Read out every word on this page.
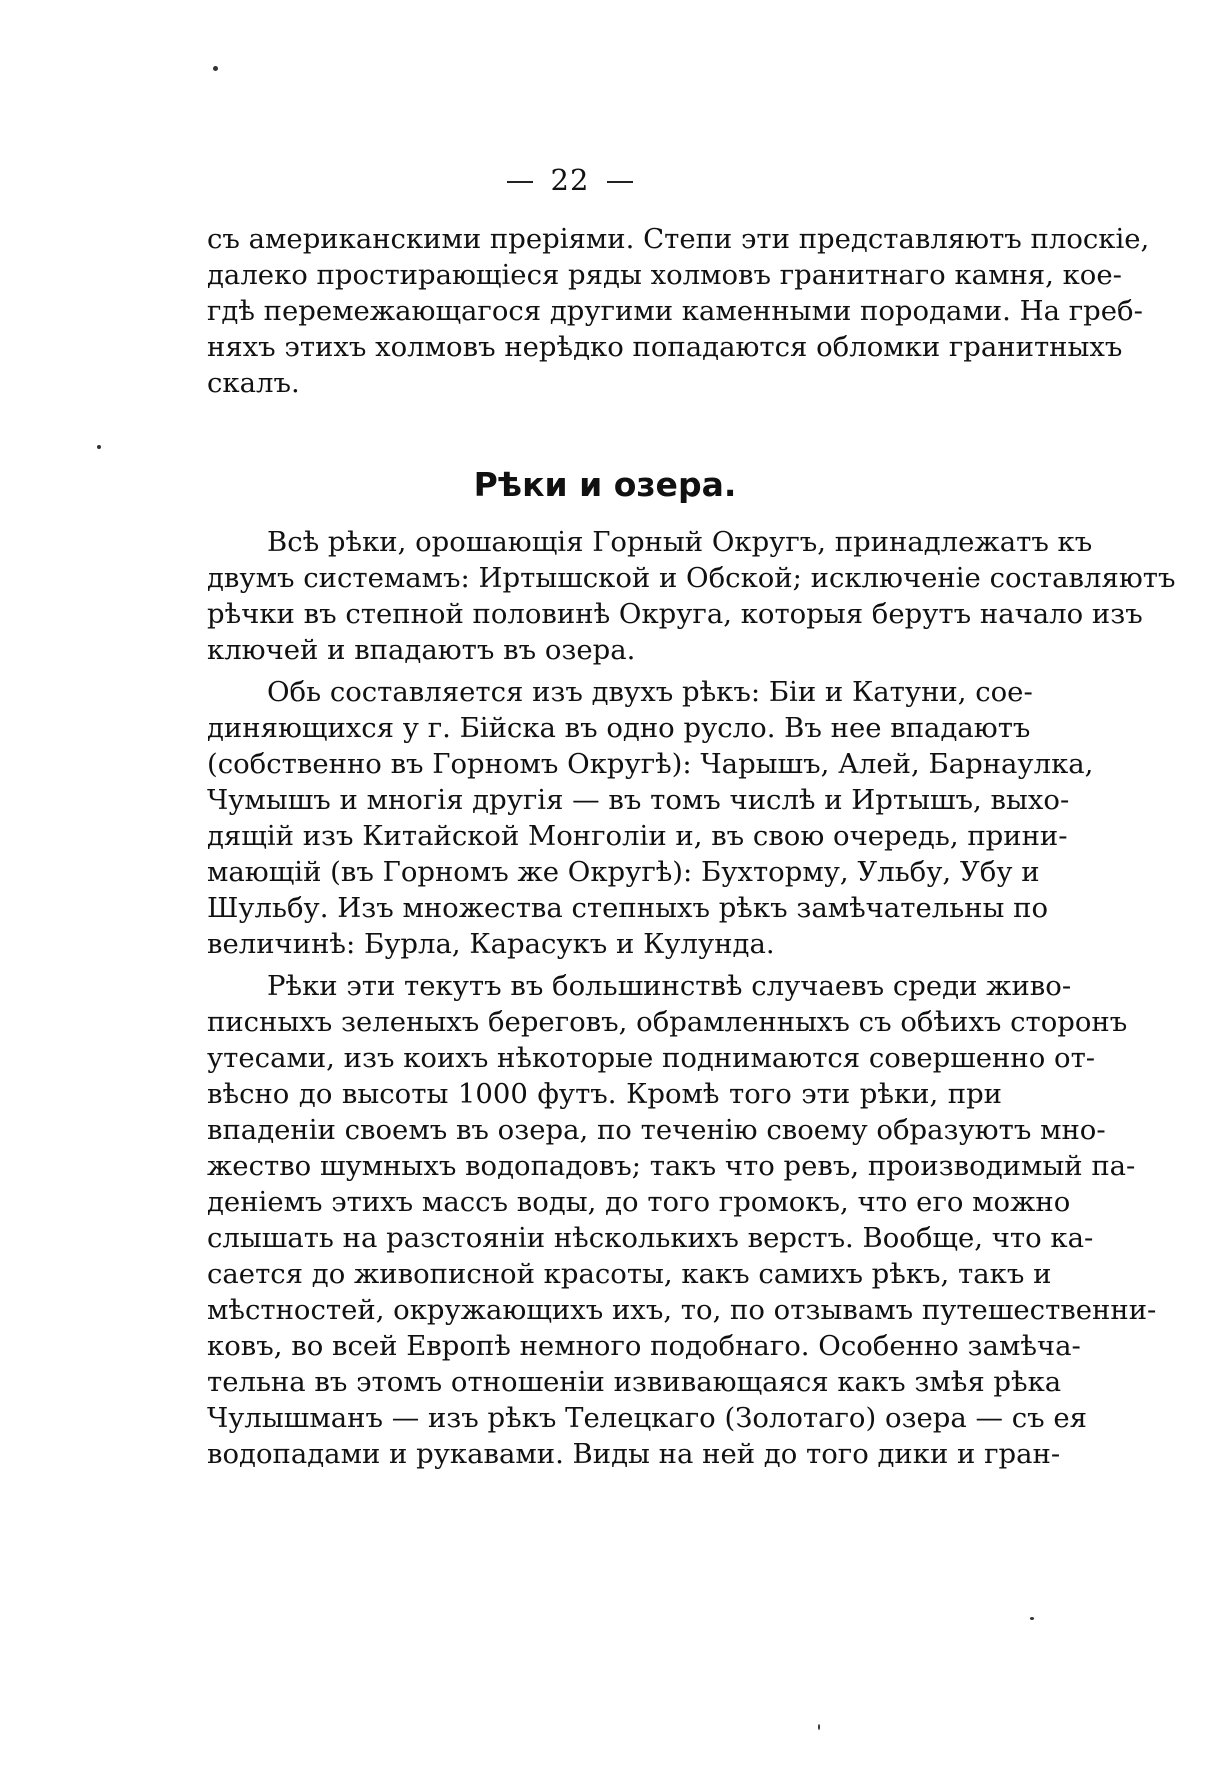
22
съ американскими преріями. Степи эти представляютъ плоскіе,
далеко простирающіеся ряды холмовъ гранитнаго камня, кое-
гдѣ перемежающагося другими каменными породами. На греб-
няхъ этихъ холмовъ нерѣдко попадаются обломки гранитныхъ
скалъ.
Рѣки и озера.
Всѣ рѣки, орошающія Горный Округъ, принадлежатъ къ
двумъ системамъ: Иртышской и Обской; исключеніе составляютъ
рѣчки въ степной половинѣ Округа, которыя берутъ начало изъ
ключей и впадаютъ въ озера.
Обь составляется изъ двухъ рѣкъ: Біи и Катуни, сое-
диняющихся у г. Бійска въ одно русло. Въ нее впадаютъ
(собственно въ Горномъ Округѣ): Чарышъ, Алей, Барнаулка,
Чумышъ и многія другія — въ томъ числѣ и Иртышъ, выхо-
дящій изъ Китайской Монголіи и, въ свою очередь, прини-
мающій (въ Горномъ же Округѣ): Бухторму, Ульбу, Убу и
Шульбу. Изъ множества степныхъ рѣкъ замѣчательны по
величинѣ: Бурла, Карасукъ и Кулунда.
Рѣки эти текутъ въ большинствѣ случаевъ среди живо-
писныхъ зеленыхъ береговъ, обрамленныхъ съ обѣихъ сторонъ
утесами, изъ коихъ нѣкоторые поднимаются совершенно от-
вѣсно до высоты 1000 футъ. Кромѣ того эти рѣки, при
впаденіи своемъ въ озера, по теченію своему образуютъ мно-
жество шумныхъ водопадовъ; такъ что ревъ, производимый па-
деніемъ этихъ массъ воды, до того громокъ, что его можно
слышать на разстояніи нѣсколькихъ верстъ. Вообще, что ка-
сается до живописной красоты, какъ самихъ рѣкъ, такъ и
мѣстностей, окружающихъ ихъ, то, по отзывамъ путешественни-
ковъ, во всей Европѣ немного подобнаго. Особенно замѣча-
тельна въ этомъ отношеніи извивающаяся какъ змѣя рѣка
Чулышманъ — изъ рѣкъ Телецкаго (Золотаго) озера — съ ея
водопадами и рукавами. Виды на ней до того дики и гран-
